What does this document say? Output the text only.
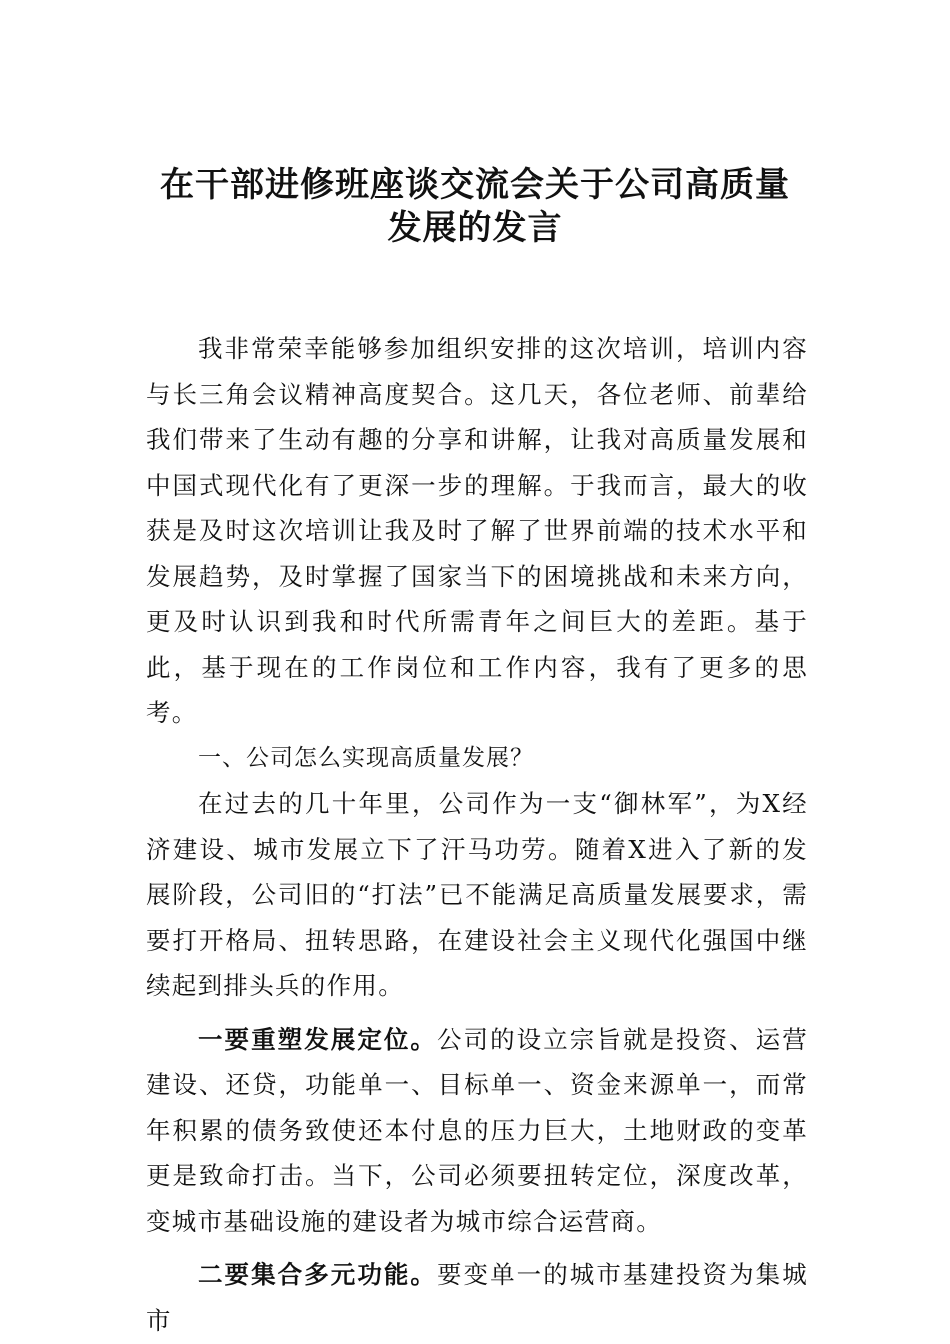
在干部进修班座谈交流会关于公司高质量
发展的发言

我非常荣幸能够参加组织安排的这次培训，培训内容与长三角会议精神高度契合。这几天，各位老师、前辈给我们带来了生动有趣的分享和讲解，让我对高质量发展和中国式现代化有了更深一步的理解。于我而言，最大的收获是及时这次培训让我及时了解了世界前端的技术水平和发展趋势，及时掌握了国家当下的困境挑战和未来方向，更及时认识到我和时代所需青年之间巨大的差距。基于此，基于现在的工作岗位和工作内容，我有了更多的思考。

一、公司怎么实现高质量发展？

在过去的几十年里，公司作为一支“御林军”，为X经济建设、城市发展立下了汗马功劳。随着X进入了新的发展阶段，公司旧的“打法”已不能满足高质量发展要求，需要打开格局、扭转思路，在建设社会主义现代化强国中继续起到排头兵的作用。

一要重塑发展定位。公司的设立宗旨就是投资、运营建设、还贷，功能单一、目标单一、资金来源单一，而常年积累的债务致使还本付息的压力巨大，土地财政的变革更是致命打击。当下，公司必须要扭转定位，深度改革，变城市基础设施的建设者为城市综合运营商。

二要集合多元功能。要变单一的城市基建投资为集城市
